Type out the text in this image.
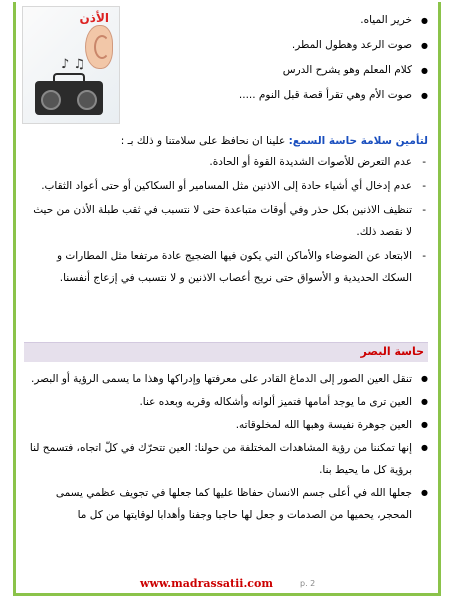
الأذن
♪ ♫
● خرير المياه.
● صوت الرعد وهطول المطر.
● كلام المعلم وهو يشرح الدرس
● صوت الأم وهي تقرأ قصة قبل النوم .....
لتأمين سلامة حاسة السمع: علينا ان نحافظ على سلامتنا و ذلك بـ :
- عدم التعرض للأصوات الشديدة القوة أو الحادة.
- عدم إدخال أي أشياء حادة إلى الاذنين مثل المسامير أو السكاكين أو حتى أعواد الثقاب.
- تنظيف الاذنين بكل حذر وفي أوقات متباعدة حتى لا نتسبب في ثقب طبلة الأذن من حيث لا نقصد ذلك.
- الابتعاد عن الضوضاء والأماكن التي يكون فيها الضجيج عادة مرتفعا مثل المطارات و السكك الحديدية و الأسواق حتى نريح أعصاب الاذنين و لا نتسبب في إزعاج أنفسنا.
حاسة البصر
● تنقل العين الصور إلى الدماغ القادر على معرفتها وإدراكها وهذا ما يسمى الرؤية أو البصر.
● العين ترى ما يوجد أمامها فتميز ألوانه وأشكاله وقربه وبعده عنا.
● العين جوهرة نفيسة وهبها الله لمخلوقاته.
● إنها تمكننا من رؤية المشاهدات المختلفة من حولنا: العين تتحرّك في كلّ اتجاه، فتسمح لنا برؤية كل ما يحيط بنا.
● جعلها الله في أعلى جسم الانسان حفاظا عليها كما جعلها في تجويف عظمي يسمى المحجر، يحميها من الصدمات و جعل لها حاجبا وجفنا وأهدابا لوقايتها من كل ما
www.madrassatii.com	p. 2
